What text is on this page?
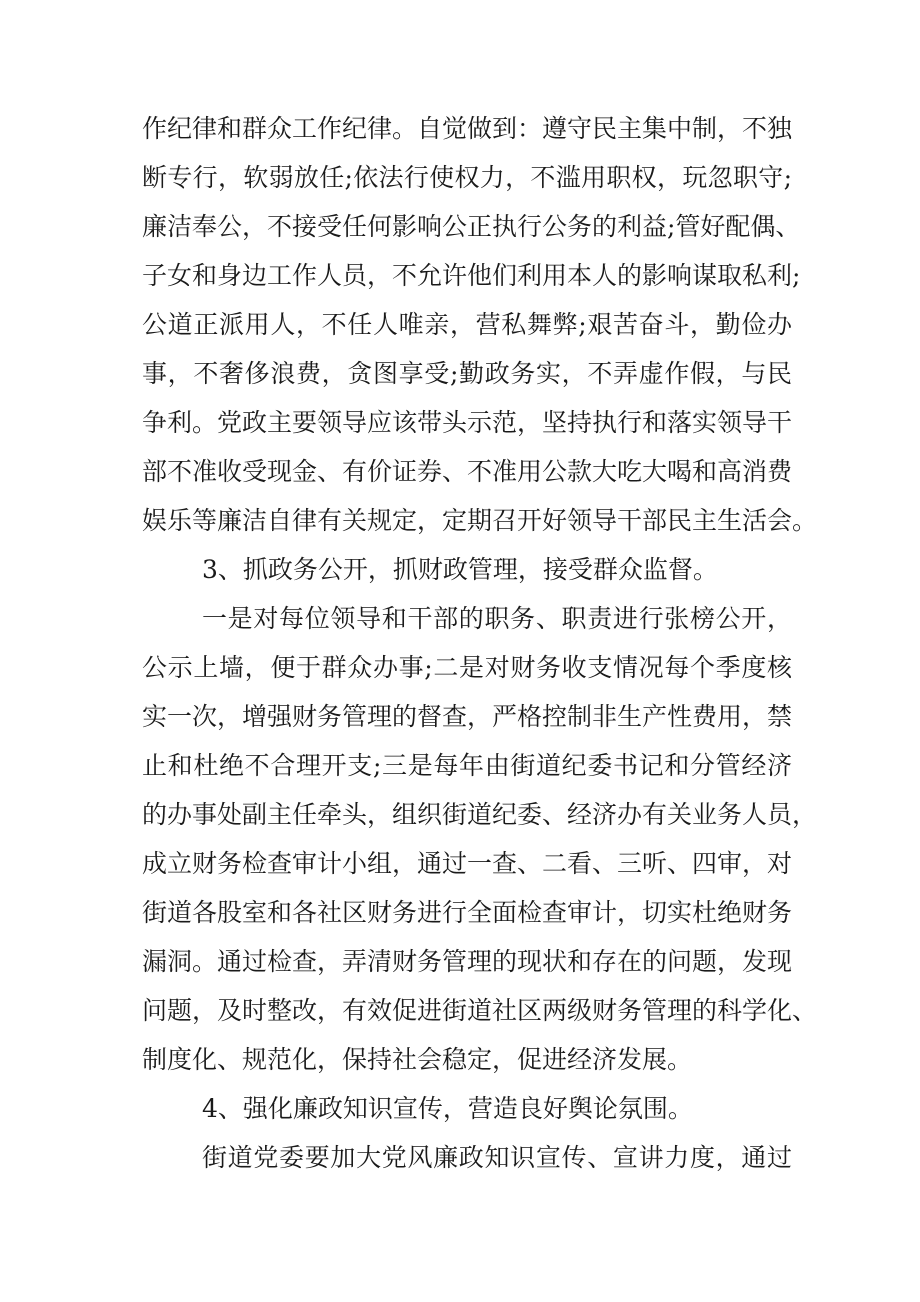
作纪律和群众工作纪律。自觉做到：遵守民主集中制，不独
断专行，软弱放任;依法行使权力，不滥用职权，玩忽职守;
廉洁奉公，不接受任何影响公正执行公务的利益;管好配偶、
子女和身边工作人员，不允许他们利用本人的影响谋取私利;
公道正派用人，不任人唯亲，营私舞弊;艰苦奋斗，勤俭办
事，不奢侈浪费，贪图享受;勤政务实，不弄虚作假，与民
争利。党政主要领导应该带头示范，坚持执行和落实领导干
部不准收受现金、有价证券、不准用公款大吃大喝和高消费
娱乐等廉洁自律有关规定，定期召开好领导干部民主生活会。
3、抓政务公开，抓财政管理，接受群众监督。
一是对每位领导和干部的职务、职责进行张榜公开，
公示上墙，便于群众办事;二是对财务收支情况每个季度核
实一次，增强财务管理的督查，严格控制非生产性费用，禁
止和杜绝不合理开支;三是每年由街道纪委书记和分管经济
的办事处副主任牵头，组织街道纪委、经济办有关业务人员，
成立财务检查审计小组，通过一查、二看、三听、四审，对
街道各股室和各社区财务进行全面检查审计，切实杜绝财务
漏洞。通过检查，弄清财务管理的现状和存在的问题，发现
问题，及时整改，有效促进街道社区两级财务管理的科学化、
制度化、规范化，保持社会稳定，促进经济发展。
4、强化廉政知识宣传，营造良好舆论氛围。
街道党委要加大党风廉政知识宣传、宣讲力度，通过
